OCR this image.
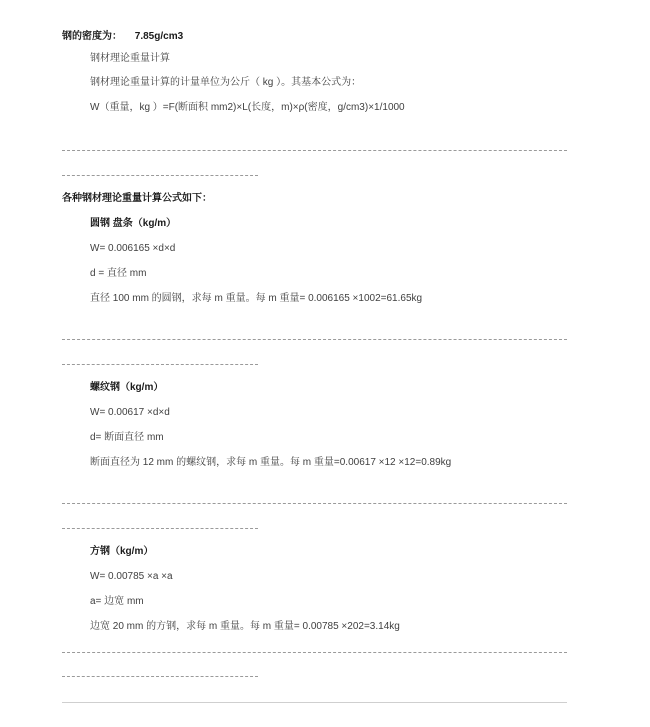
钢的密度为： 7.85g/cm3
钢材理论重量计算
钢材理论重量计算的计量单位为公斤（ kg ）。其基本公式为：
W（重量，kg ）=F(断面积 mm2)×L(长度，m)×ρ(密度，g/cm3)×1/1000
各种钢材理论重量计算公式如下：
圆钢 盘条（kg/m）
W= 0.006165 ×d×d
d = 直径 mm
直径 100 mm 的圆钢，求每 m 重量。每 m 重量= 0.006165 ×1002=61.65kg
螺纹钢（kg/m）
W= 0.00617 ×d×d
d= 断面直径 mm
断面直径为 12 mm 的螺纹钢，求每 m 重量。每 m 重量=0.00617 ×12 ×12=0.89kg
方钢（kg/m）
W= 0.00785 ×a ×a
a= 边宽 mm
边宽 20 mm 的方钢，求每 m 重量。每 m 重量= 0.00785 ×202=3.14kg
